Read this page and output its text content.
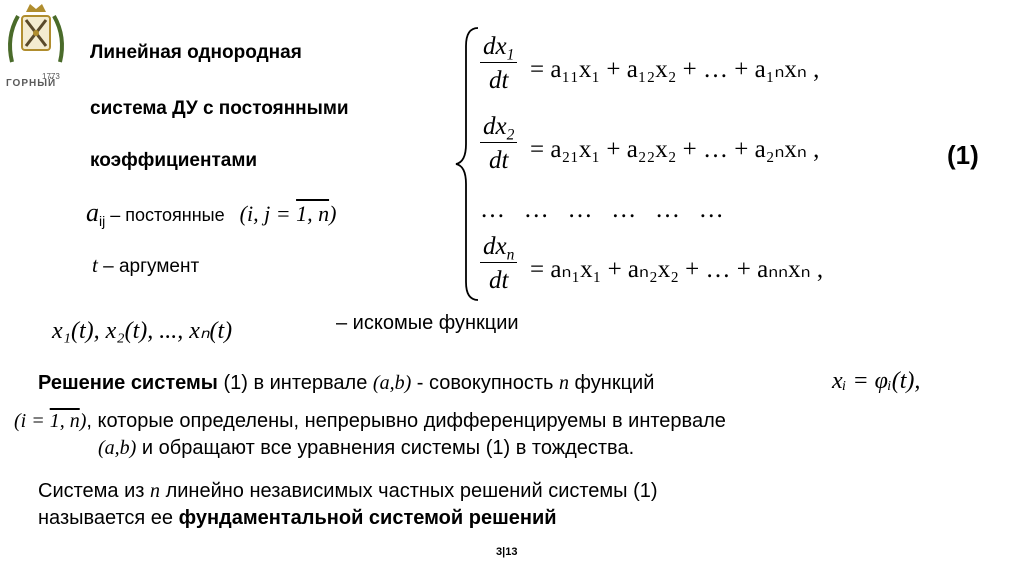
1773
ГОРНЫЙ
Линейная однородная
система ДУ с постоянными
коэффициентами
$a_{ij}$ – постоянные (i, j = 1, n)
t – аргумент
$dx_1$
dt = a₁₁x₁ + a₁₂x₂ + … + a₁ₙxₙ ,
$dx_2$
dt = a₂₁x₁ + a₂₂x₂ + … + a₂ₙxₙ ,
…   …   …   …   …   …
$dx_n$
dt = aₙ₁x₁ + aₙ₂x₂ + … + aₙₙxₙ ,
(1)
x₁(t), x₂(t), ..., xₙ(t)	– искомые функции
Решение системы (1) в интервале (a,b) - совокупность n функций	xᵢ = φᵢ(t),
(i = 1, n), которые определены, непрерывно дифференцируемы в интервале
(a,b) и обращают все уравнения системы (1) в тождества.
Система из n линейно независимых частных решений системы (1)
называется ее фундаментальной системой решений
3|13
